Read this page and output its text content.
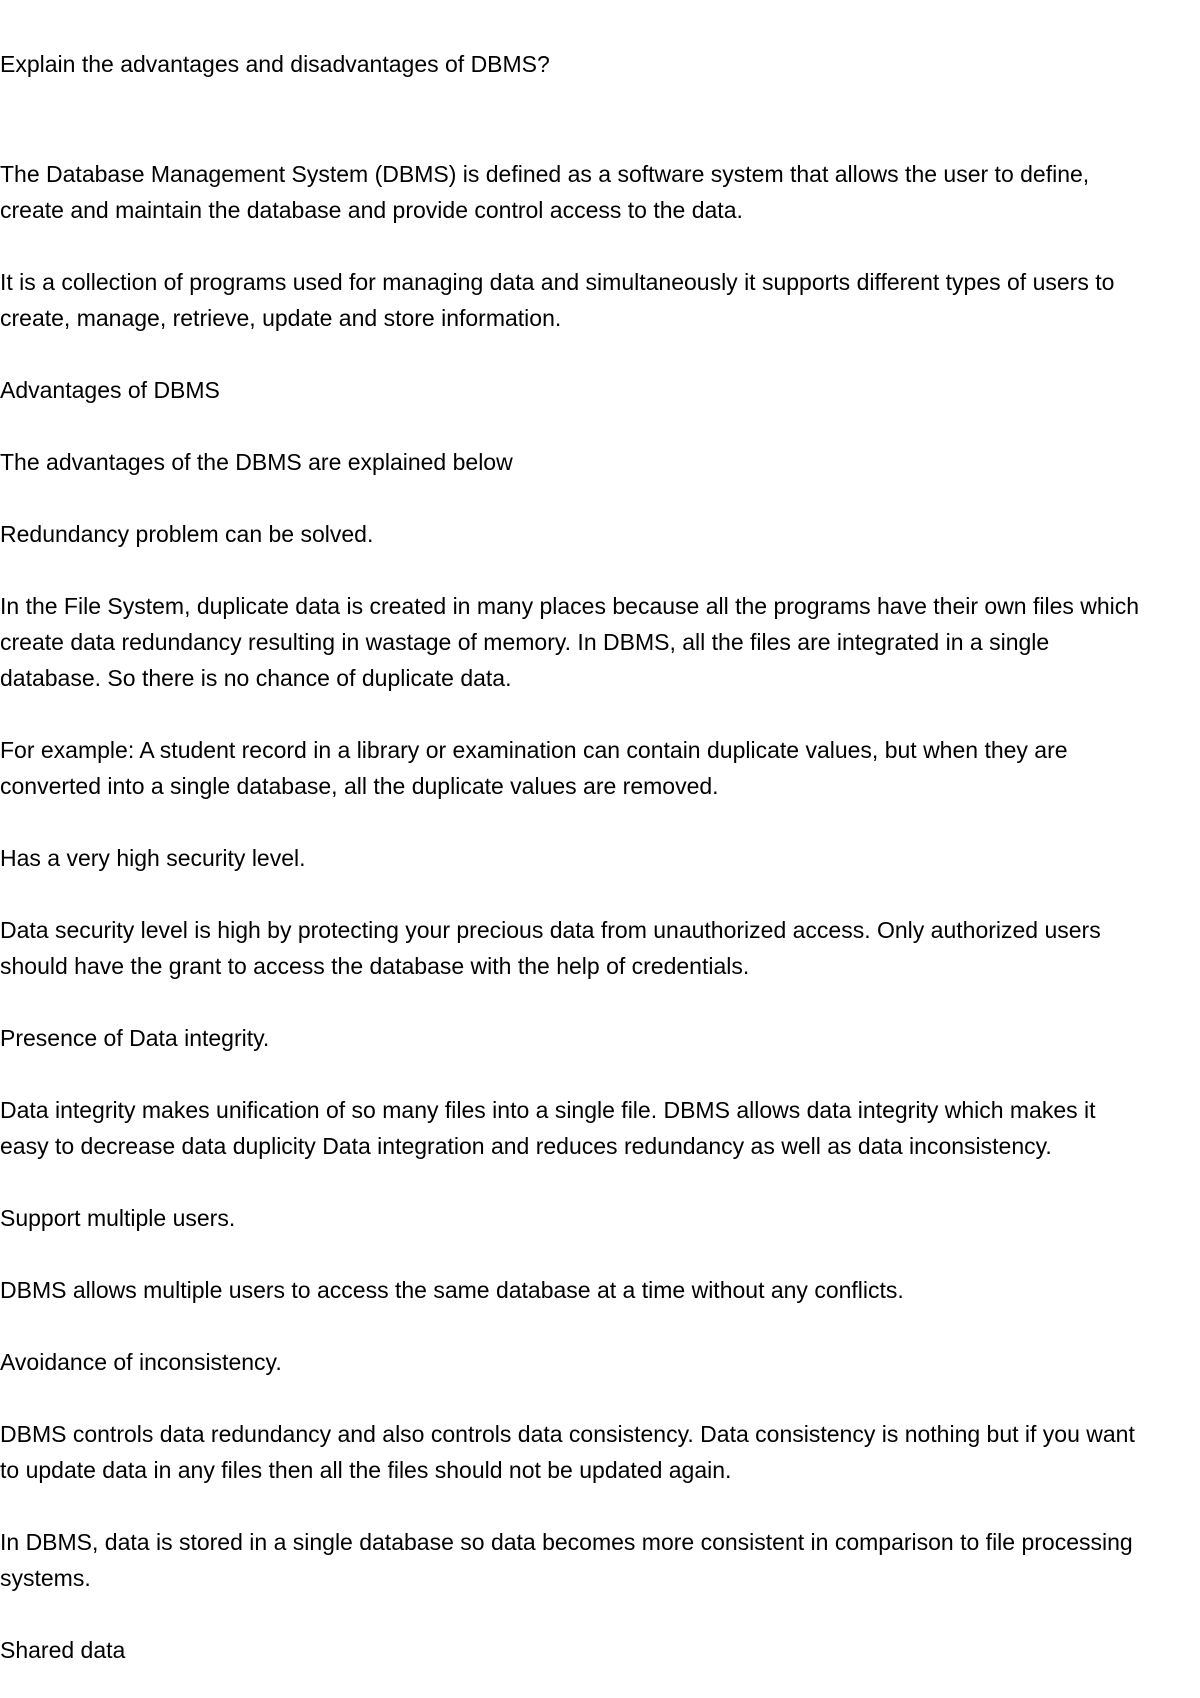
Explain the advantages and disadvantages of DBMS?

The Database Management System (DBMS) is defined as a software system that allows the user to define,

create and maintain the database and provide control access to the data.

It is a collection of programs used for managing data and simultaneously it supports different types of users to

create, manage, retrieve, update and store information.

Advantages of DBMS

The advantages of the DBMS are explained below

Redundancy problem can be solved.

In the File System, duplicate data is created in many places because all the programs have their own files which

create data redundancy resulting in wastage of memory. In DBMS, all the files are integrated in a single

database. So there is no chance of duplicate data.

For example: A student record in a library or examination can contain duplicate values, but when they are

converted into a single database, all the duplicate values are removed.

Has a very high security level.

Data security level is high by protecting your precious data from unauthorized access. Only authorized users

should have the grant to access the database with the help of credentials.

Presence of Data integrity.

Data integrity makes unification of so many files into a single file. DBMS allows data integrity which makes it

easy to decrease data duplicity Data integration and reduces redundancy as well as data inconsistency.

Support multiple users.

DBMS allows multiple users to access the same database at a time without any conflicts.

Avoidance of inconsistency.

DBMS controls data redundancy and also controls data consistency. Data consistency is nothing but if you want

to update data in any files then all the files should not be updated again.

In DBMS, data is stored in a single database so data becomes more consistent in comparison to file processing

systems.

Shared data
